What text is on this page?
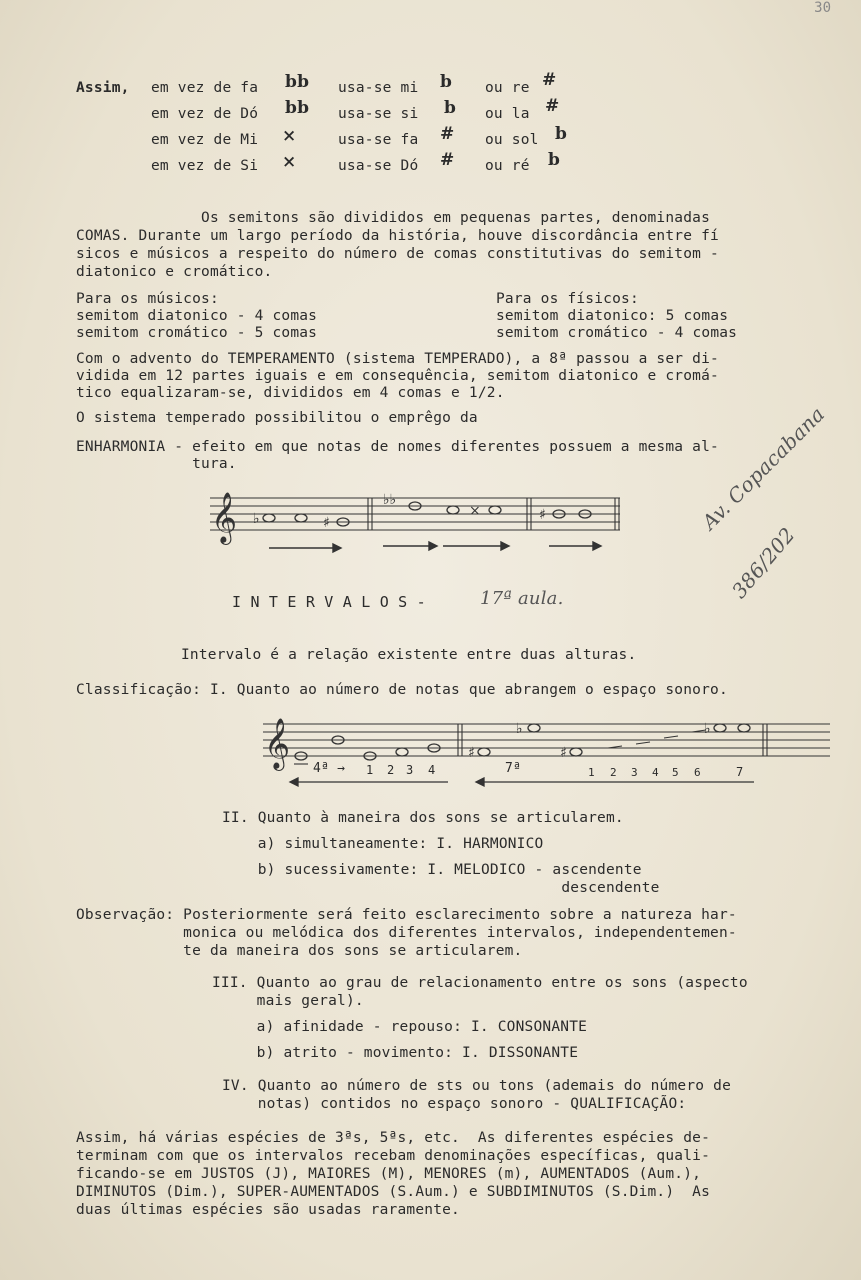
30
Assim, em vez de fa bb usa-se mi b ou re #
em vez de Dó bb usa-se si b ou la #
em vez de Mi ×	usa-se fa # ou sol b
em vez de Si ×	usa-se Dó # ou ré b
Os semitons são divididos em pequenas partes, denominadas
COMAS. Durante um largo período da história, houve discordância entre fí
sicos e músicos a respeito do número de comas constitutivas do semitom -
diatonico e cromático.
Para os músicos:
semitom diatonico - 4 comas
semitom cromático - 5 comas
Para os físicos:
semitom diatonico: 5 comas
semitom cromático - 4 comas
Com o advento do TEMPERAMENTO (sistema TEMPERADO), a 8ª passou a ser di-
vidida em 12 partes iguais e em consequência, semitom diatonico e cromá-
tico equalizaram-se, divididos em 4 comas e 1/2.
O sistema temperado possibilitou o emprêgo da
ENHARMONIA - efeito em que notas de nomes diferentes possuem a mesma al-
tura.
𝄞 ♭	♯
♭♭
×	♯	Av. Copacabana
386/202
I N T E R V A L O S -	17ª aula.
Intervalo é a relação existente entre duas alturas.
Classificação: I. Quanto ao número de notas que abrangem o espaço sonoro.
𝄞	♯
♭
♯
♭
4ª → 1 2 3 4	7ª	1 2 3 4 5 6	7
II. Quanto à maneira dos sons se articularem.
a) simultaneamente: I. HARMONICO
b) sucessivamente: I. MELODICO - ascendente
descendente
Observação: Posteriormente será feito esclarecimento sobre a natureza har-
monica ou melódica dos diferentes intervalos, independentemen-
te da maneira dos sons se articularem.
III. Quanto ao grau de relacionamento entre os sons (aspecto
mais geral).
a) afinidade - repouso: I. CONSONANTE
b) atrito - movimento: I. DISSONANTE
IV. Quanto ao número de sts ou tons (ademais do número de
notas) contidos no espaço sonoro - QUALIFICAÇÃO:
Assim, há várias espécies de 3ªs, 5ªs, etc.  As diferentes espécies de-
terminam com que os intervalos recebam denominações específicas, quali-
ficando-se em JUSTOS (J), MAIORES (M), MENORES (m), AUMENTADOS (Aum.),
DIMINUTOS (Dim.), SUPER-AUMENTADOS (S.Aum.) e SUBDIMINUTOS (S.Dim.)  As
duas últimas espécies são usadas raramente.
